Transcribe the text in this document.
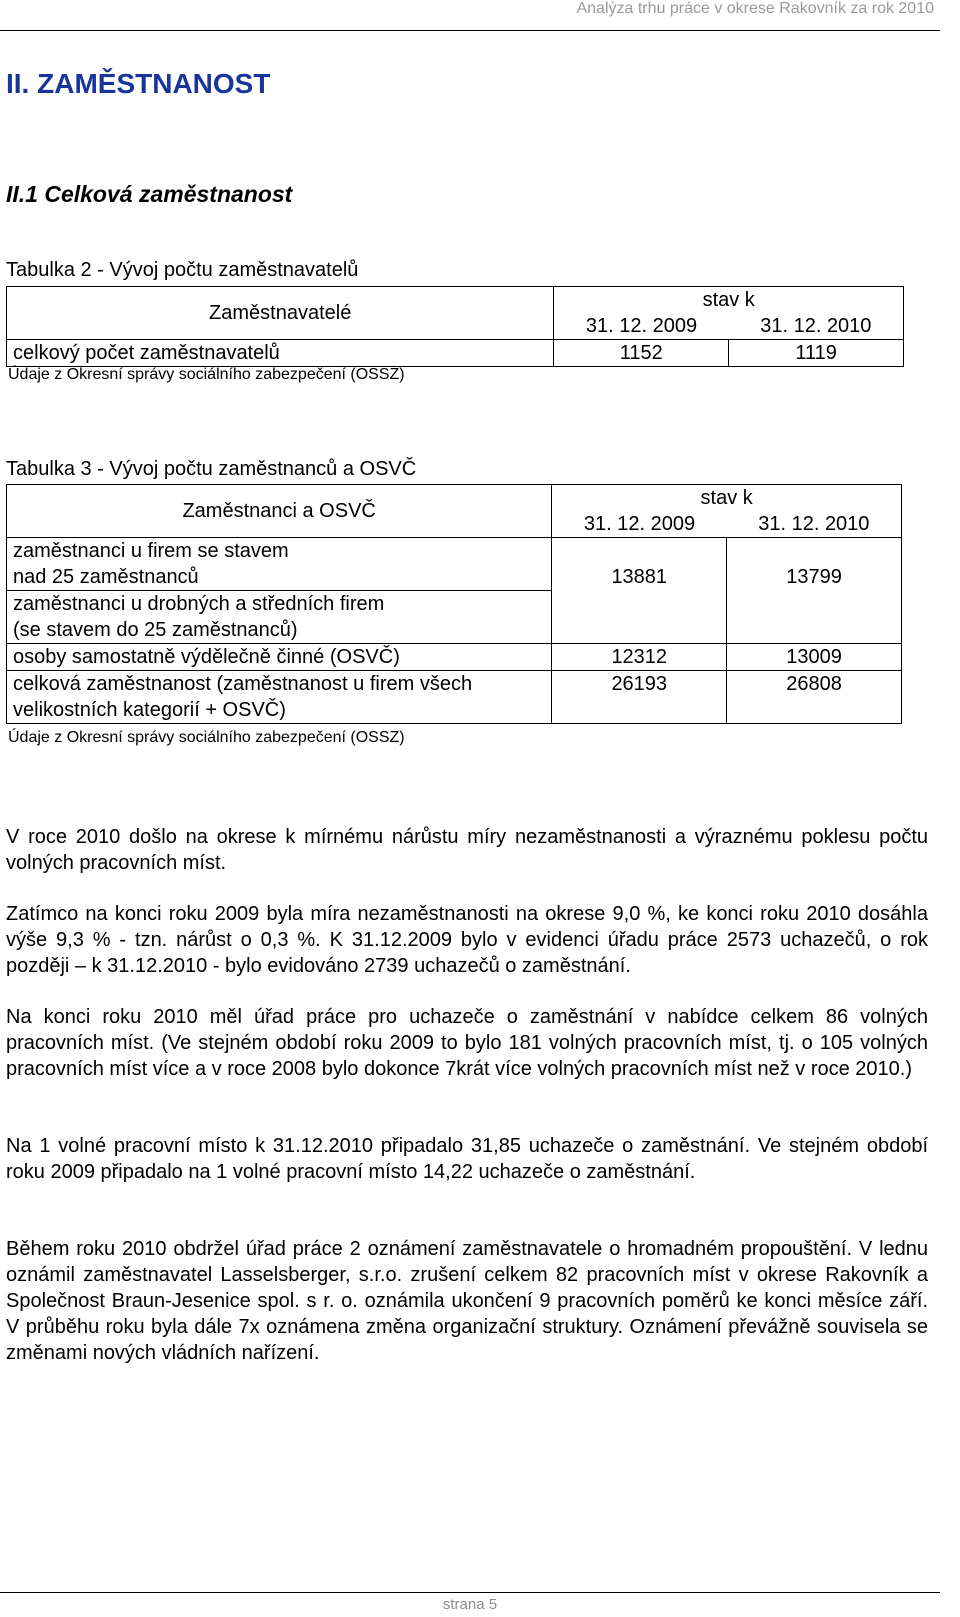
Analýza trhu práce v okrese Rakovník za rok 2010
II. ZAMĚSTNANOST
II.1 Celková zaměstnanost
Tabulka 2 - Vývoj počtu zaměstnavatelů
Zaměstnavatelé	stav k	
	31. 12. 2009	31. 12. 2010
celkový počet zaměstnavatelů	1152	1119
Údaje z Okresní správy sociálního zabezpečení (OSSZ)
Tabulka 3 - Vývoj počtu zaměstnanců a OSVČ
Zaměstnanci a OSVČ	stav k	
	31. 12. 2009	31. 12. 2010
zaměstnanci u firem se stavem
nad 25 zaměstnanců	13881	13799
zaměstnanci u drobných a středních firem
(se stavem do 25 zaměstnanců)		
osoby samostatně výdělečně činné (OSVČ)	12312	13009
celková zaměstnanost (zaměstnanost u firem všech
velikostních kategorií + OSVČ)	26193	26808
Údaje z Okresní správy sociálního zabezpečení (OSSZ)

V roce 2010 došlo na okrese k mírnému nárůstu míry nezaměstnanosti a výraznému poklesu počtu volných pracovních míst.

Zatímco na konci roku 2009 byla míra nezaměstnanosti na okrese 9,0 %, ke konci roku 2010 dosáhla výše 9,3 % - tzn. nárůst o 0,3 %. K 31.12.2009 bylo v evidenci úřadu práce 2573 uchazečů, o rok později – k 31.12.2010 - bylo evidováno 2739 uchazečů o zaměstnání.

Na konci roku 2010 měl úřad práce pro uchazeče o zaměstnání v nabídce celkem 86 volných pracovních míst. (Ve stejném období roku 2009 to bylo 181 volných pracovních míst, tj. o 105 volných pracovních míst více a v roce 2008 bylo dokonce 7krát více volných pracovních míst než v roce 2010.)

Na 1 volné pracovní místo k 31.12.2010 připadalo 31,85 uchazeče o zaměstnání. Ve stejném období roku 2009 připadalo na 1 volné pracovní místo 14,22 uchazeče o zaměstnání.

Během roku 2010 obdržel úřad práce 2 oznámení zaměstnavatele o hromadném propouštění. V lednu oznámil zaměstnavatel Lasselsberger, s.r.o. zrušení celkem 82 pracovních míst v okrese Rakovník a Společnost Braun-Jesenice spol. s r. o. oznámila ukončení 9 pracovních poměrů ke konci měsíce září. V průběhu roku byla dále 7x oznámena změna organizační struktury. Oznámení převážně souvisela se změnami nových vládních nařízení.

strana 5
